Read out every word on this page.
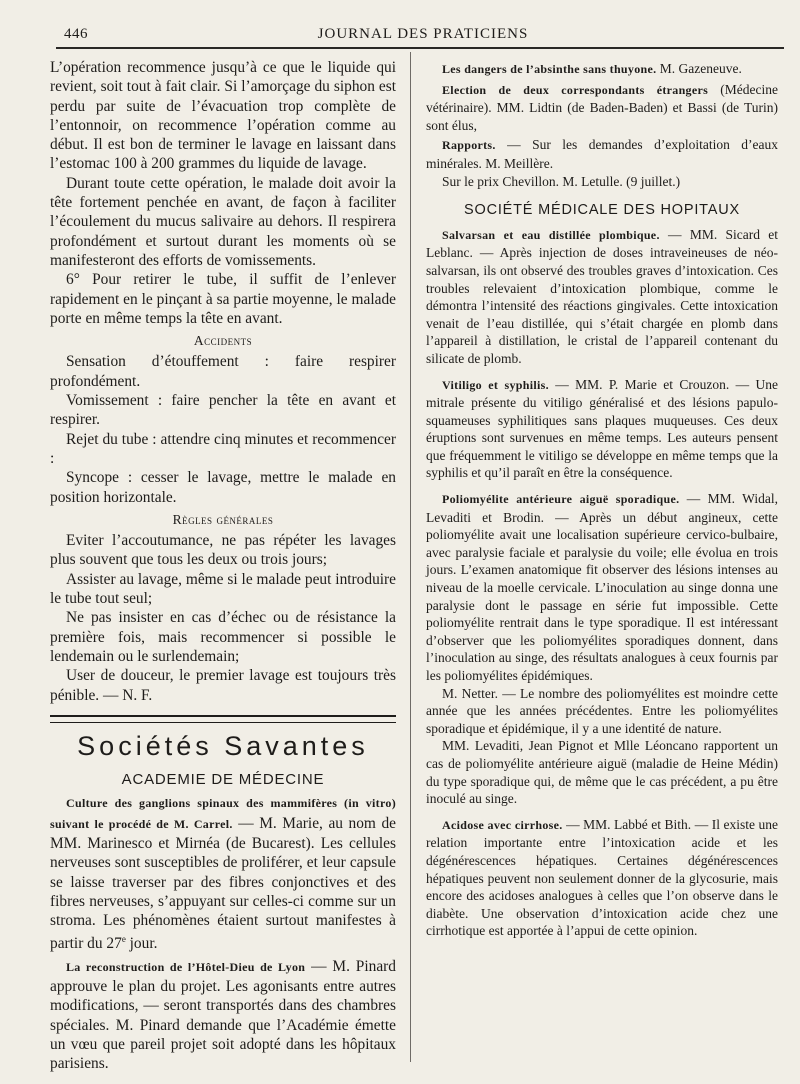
446	JOURNAL DES PRATICIENS

L’opération recommence jusqu’à ce que le liquide qui revient, soit tout à fait clair. Si l’amorçage du siphon est perdu par suite de l’évacuation trop complète de l’entonnoir, on recommence l’opération comme au début. Il est bon de terminer le lavage en laissant dans l’estomac 100 à 200 grammes du liquide de lavage.

Durant toute cette opération, le malade doit avoir la tête fortement penchée en avant, de façon à faciliter l’écoulement du mucus salivaire au dehors. Il respirera profondément et surtout durant les moments où se manifesteront des efforts de vomissements.

6° Pour retirer le tube, il suffit de l’enlever rapidement en le pinçant à sa partie moyenne, le malade porte en même temps la tête en avant.

Accidents

Sensation d’étouffement : faire respirer profondément.

Vomissement : faire pencher la tête en avant et respirer.

Rejet du tube : attendre cinq minutes et recommencer :

Syncope : cesser le lavage, mettre le malade en position horizontale.

Règles générales

Eviter l’accoutumance, ne pas répéter les lavages plus souvent que tous les deux ou trois jours;

Assister au lavage, même si le malade peut introduire le tube tout seul;

Ne pas insister en cas d’échec ou de résistance la première fois, mais recommencer si possible le lendemain ou le surlendemain;

User de douceur, le premier lavage est toujours très pénible. — N. F.

Sociétés Savantes
ACADEMIE DE MÉDECINE

Culture des ganglions spinaux des mammifères (in vitro) suivant le procédé de M. Carrel. — M. Marie, au nom de MM. Marinesco et Mirnéa (de Bucarest). Les cellules nerveuses sont susceptibles de proliférer, et leur capsule se laisse traverser par des fibres conjonctives et des fibres nerveuses, s’appuyant sur celles-ci comme sur un stroma. Les phénomènes étaient surtout manifestes à partir du 27e jour.

La reconstruction de l’Hôtel-Dieu de Lyon — M. Pinard approuve le plan du projet. Les agonisants entre autres modifications, — seront transportés dans des chambres spéciales. M. Pinard demande que l’Académie émette un vœu que pareil projet soit adopté dans les hôpitaux parisiens.

Les dangers de l’absinthe sans thuyone. M. Gazeneuve.

Election de deux correspondants étrangers (Médecine vétérinaire). MM. Lidtin (de Baden-Baden) et Bassi (de Turin) sont élus,

Rapports. — Sur les demandes d’exploitation d’eaux minérales. M. Meillère.

Sur le prix Chevillon. M. Letulle. (9 juillet.)

SOCIÉTÉ MÉDICALE DES HOPITAUX

Salvarsan et eau distillée plombique. — MM. Sicard et Leblanc. — Après injection de doses intraveineuses de néo-salvarsan, ils ont observé des troubles graves d’intoxication. Ces troubles relevaient d’intoxication plombique, comme le démontra l’intensité des réactions gingivales. Cette intoxication venait de l’eau distillée, qui s’était chargée en plomb dans l’appareil à distillation, le cristal de l’appareil contenant du silicate de plomb.

Vitiligo et syphilis. — MM. P. Marie et Crouzon. — Une mitrale présente du vitiligo généralisé et des lésions papulo-squameuses syphilitiques sans plaques muqueuses. Ces deux éruptions sont survenues en même temps. Les auteurs pensent que fréquemment le vitiligo se développe en même temps que la syphilis et qu’il paraît en être la conséquence.

Poliomyélite antérieure aiguë sporadique. — MM. Widal, Levaditi et Brodin. — Après un début angineux, cette poliomyélite avait une localisation supérieure cervico-bulbaire, avec paralysie faciale et paralysie du voile; elle évolua en trois jours. L’examen anatomique fit observer des lésions intenses au niveau de la moelle cervicale. L’inoculation au singe donna une paralysie dont le passage en série fut impossible. Cette poliomyélite rentrait dans le type sporadique. Il est intéressant d’observer que les poliomyélites sporadiques donnent, dans l’inoculation au singe, des résultats analogues à ceux fournis par les poliomyélites épidémiques.

M. Netter. — Le nombre des poliomyélites est moindre cette année que les années précédentes. Entre les poliomyélites sporadique et épidémique, il y a une identité de nature.

MM. Levaditi, Jean Pignot et Mlle Léoncano rapportent un cas de poliomyélite antérieure aiguë (maladie de Heine Médin) du type sporadique qui, de même que le cas précédent, a pu être inoculé au singe.

Acidose avec cirrhose. — MM. Labbé et Bith. — Il existe une relation importante entre l’intoxication acide et les dégénérescences hépatiques. Certaines dégénérescences hépatiques peuvent non seulement donner de la glycosurie, mais encore des acidoses analogues à celles que l’on observe dans le diabète. Une observation d’intoxication acide chez une cirrhotique est apportée à l’appui de cette opinion.
